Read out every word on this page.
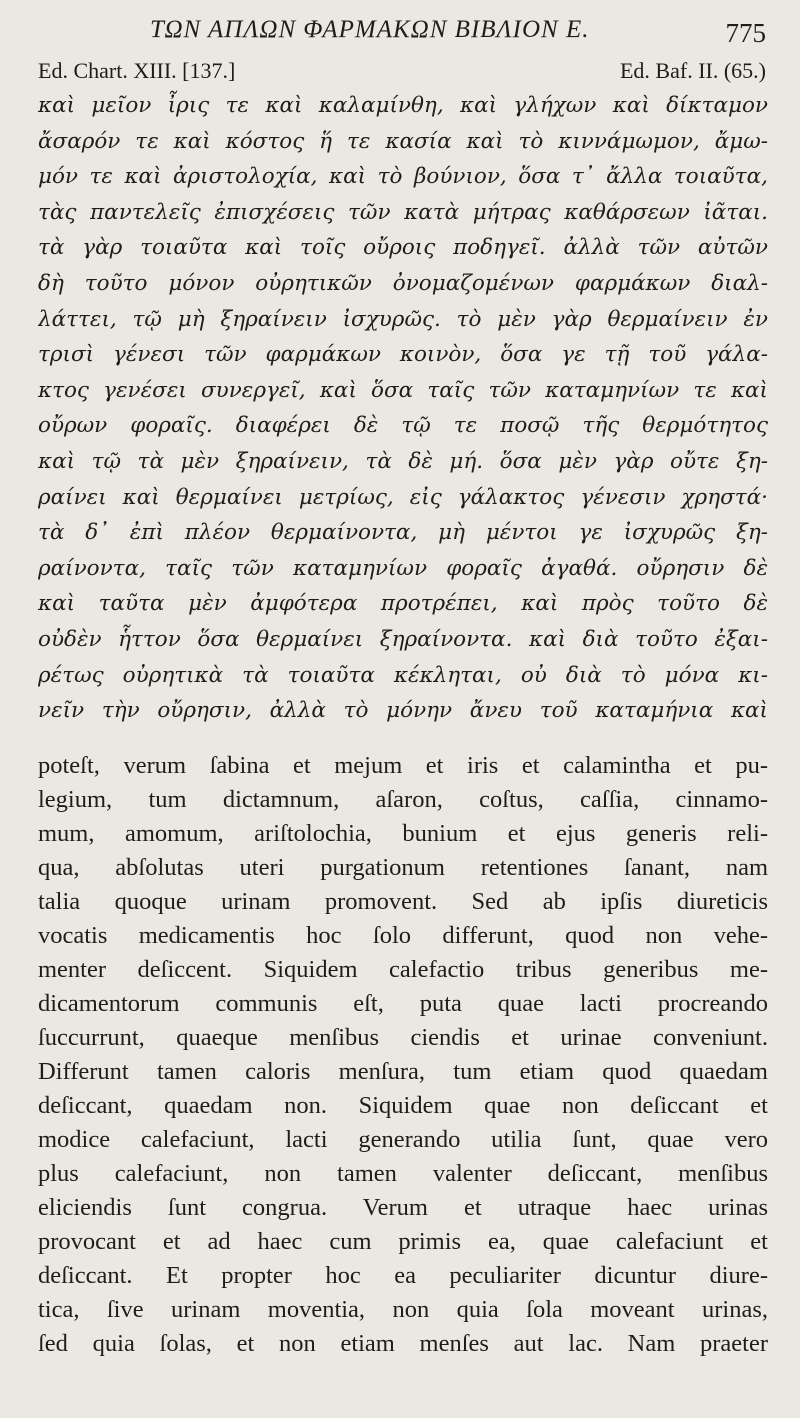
ΤΩΝ ΑΠΛΩΝ ΦΑΡΜΑΚΩΝ ΒΙΒΛΙΟΝ Ε.	775
Ed. Chart. XIII. [137.]	Ed. Baf. II. (65.)
καὶ μεῖον ἶρις τε καὶ καλαμίνθη, καὶ γλήχων καὶ δίκταμον
ἄσαρόν τε καὶ κόστος ἥ τε κασία καὶ τὸ κιννάμωμον, ἄμω-
μόν τε καὶ ἀριστολοχία, καὶ τὸ βούνιον, ὅσα τ᾽ ἄλλα τοιαῦτα,
τὰς παντελεῖς ἐπισχέσεις τῶν κατὰ μήτρας καθάρσεων ἰᾶται.
τὰ γὰρ τοιαῦτα καὶ τοῖς οὔροις ποδηγεῖ. ἀλλὰ τῶν αὐτῶν
δὴ τοῦτο μόνον οὐρητικῶν ὀνομαζομένων φαρμάκων διαλ-
λάττει, τῷ μὴ ξηραίνειν ἰσχυρῶς. τὸ μὲν γὰρ θερμαίνειν ἐν
τρισὶ γένεσι τῶν φαρμάκων κοινὸν, ὅσα γε τῇ τοῦ γάλα-
κτος γενέσει συνεργεῖ, καὶ ὅσα ταῖς τῶν καταμηνίων τε καὶ
οὔρων φοραῖς. διαφέρει δὲ τῷ τε ποσῷ τῆς θερμότητος
καὶ τῷ τὰ μὲν ξηραίνειν, τὰ δὲ μή. ὅσα μὲν γὰρ οὔτε ξη-
ραίνει καὶ θερμαίνει μετρίως, εἰς γάλακτος γένεσιν χρηστά·
τὰ δ᾽ ἐπὶ πλέον θερμαίνοντα, μὴ μέντοι γε ἰσχυρῶς ξη-
ραίνοντα, ταῖς τῶν καταμηνίων φοραῖς ἀγαθά. οὔρησιν δὲ
καὶ ταῦτα μὲν ἀμφότερα προτρέπει, καὶ πρὸς τοῦτο δὲ
οὐδὲν ἧττον ὅσα θερμαίνει ξηραίνοντα. καὶ διὰ τοῦτο ἐξαι-
ρέτως οὐρητικὰ τὰ τοιαῦτα κέκληται, οὐ διὰ τὸ μόνα κι-
νεῖν τὴν οὔρησιν, ἀλλὰ τὸ μόνην ἄνευ τοῦ καταμήνια καὶ
poteſt, verum ſabina et mejum et iris et calamintha et pu-
legium, tum dictamnum, aſaron, coſtus, caſſia, cinnamo-
mum, amomum, ariſtolochia, bunium et ejus generis reli-
qua, abſolutas uteri purgationum retentiones ſanant, nam
talia quoque urinam promovent. Sed ab ipſis diureticis
vocatis medicamentis hoc ſolo differunt, quod non vehe-
menter deſiccent. Siquidem calefactio tribus generibus me-
dicamentorum communis eſt, puta quae lacti procreando
ſuccurrunt, quaeque menſibus ciendis et urinae conveniunt.
Differunt tamen caloris menſura, tum etiam quod quaedam
deſiccant, quaedam non. Siquidem quae non deſiccant et
modice calefaciunt, lacti generando utilia ſunt, quae vero
plus calefaciunt, non tamen valenter deſiccant, menſibus
eliciendis ſunt congrua. Verum et utraque haec urinas
provocant et ad haec cum primis ea, quae calefaciunt et
deſiccant. Et propter hoc ea peculiariter dicuntur diure-
tica, ſive urinam moventia, non quia ſola moveant urinas,
ſed quia ſolas, et non etiam menſes aut lac. Nam praeter
